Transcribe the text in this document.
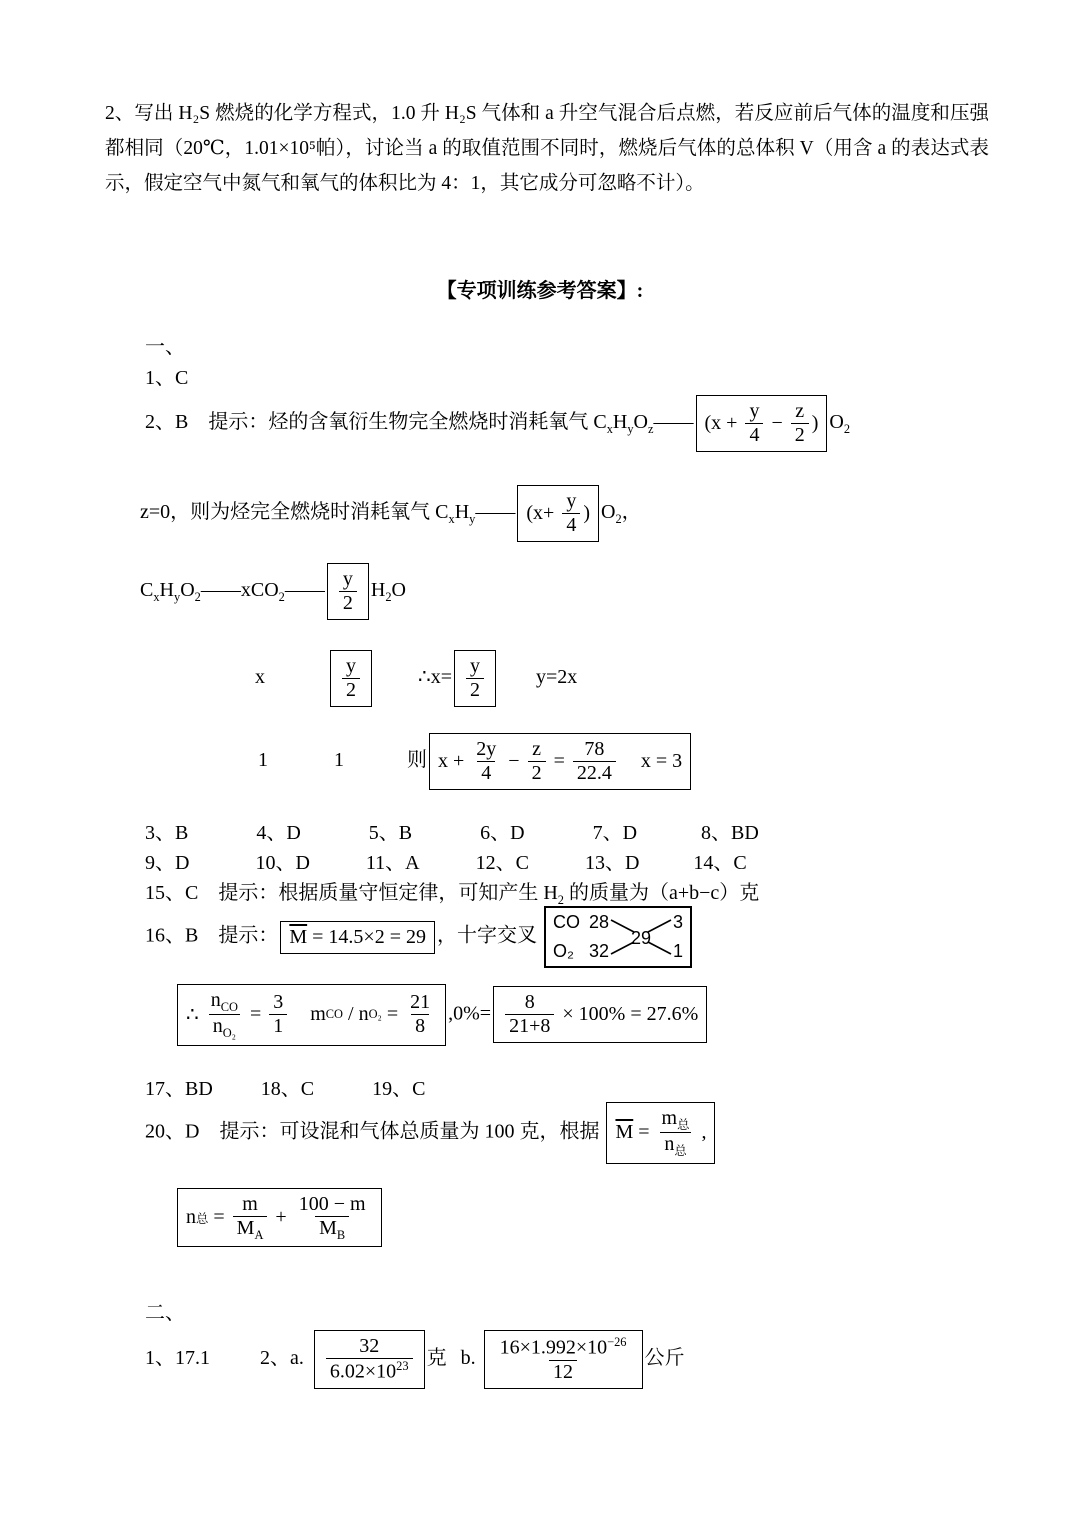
2、写出 H₂S 燃烧的化学方程式，1.0 升 H₂S 气体和 a 升空气混合后点燃，若反应前后气体的温度和压强都相同（20℃，1.01×10⁵帕），讨论当 a 的取值范围不同时，燃烧后气体的总体积 V（用含 a 的表达式表示，假定空气中氮气和氧气的体积比为 4：1，其它成分可忽略不计）。

【专项训练参考答案】:
一、
1、C
2、B　提示：烃的含氧衍生物完全燃烧时消耗氧气 $C_xH_yO_z——$ ($x + \frac{y}{4} - \frac{z}{2}$ ) $O_2$
z=0，则为烃完全燃烧时消耗氧气 $C_xH_y——$ ($x+ \frac{y}{4}$ ) $O_2$，
$C_xH_yO_2——xCO_2—— \frac{y}{2} H_2O$
x	$\frac{y}{2}$	∴x= $\frac{y}{2}$	y=2x
1	1	则 $x + \frac{2y}{4} - \frac{z}{2} = \frac{78}{22.4}$ x = 3
3、B	4、D	5、B	6、D	7、D	8、BD
9、D	10、D	11、A	12、C	13、D	14、C
15、C　提示：根据质量守恒定律，可知产生 $H_2$ 的质量为（a+b−c）克
16、B　提示： $\overline{M} = 14.5\times 2 = 29$ ，十字交叉
CO 28
O₂ 32
29
3
1
∴ $\frac{n_{CO}}{n_{O_2}} = \frac{3}{1}$ m CO / n $O_2 = \frac{21}{8} ,0\%= \frac{8}{21+8} \times 100\% = 27.6\%$
17、BD 18、C	19、C
20、D　提示：可设混和气体总质量为 100 克，根据 $\overline{M} = \frac{m_总}{n_总}$ ,
n 总 = $\frac{m}{M_A} + \frac{100 - m}{M_B}$
二、
1、17.1	2、a. $\frac{32}{6.02\times 10^{23}}$ 克 b. $\frac{16\times 1.992\times 10^{-26}}{12}$ 公斤
